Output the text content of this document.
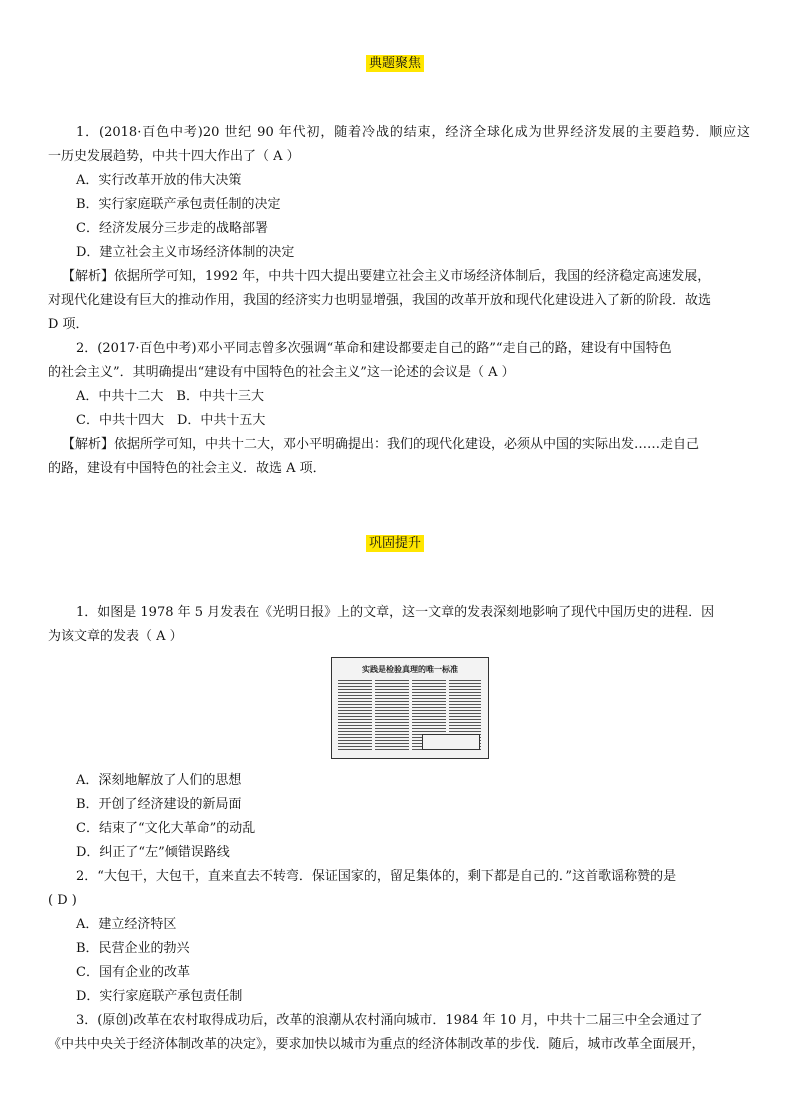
典题聚焦
1．(2018·百色中考)20 世纪 90 年代初，随着冷战的结束，经济全球化成为世界经济发展的主要趋势．顺应这
一历史发展趋势，中共十四大作出了（ A ）
A．实行改革开放的伟大决策
B．实行家庭联产承包责任制的决定
C．经济发展分三步走的战略部署
D．建立社会主义市场经济体制的决定
【解析】依据所学可知，1992 年，中共十四大提出要建立社会主义市场经济体制后，我国的经济稳定高速发展，
对现代化建设有巨大的推动作用，我国的经济实力也明显增强，我国的改革开放和现代化建设进入了新的阶段．故选
D 项．
2．(2017·百色中考)邓小平同志曾多次强调“革命和建设都要走自己的路”“走自己的路，建设有中国特色
的社会主义”．其明确提出“建设有中国特色的社会主义”这一论述的会议是（ A ）
A．中共十二大　B．中共十三大
C．中共十四大　D．中共十五大
【解析】依据所学可知，中共十二大，邓小平明确提出：我们的现代化建设，必须从中国的实际出发……走自己
的路，建设有中国特色的社会主义．故选 A 项．
巩固提升
1．如图是 1978 年 5 月发表在《光明日报》上的文章，这一文章的发表深刻地影响了现代中国历史的进程．因
为该文章的发表（ A ）
实践是检验真理的唯一标准
A．深刻地解放了人们的思想
B．开创了经济建设的新局面
C．结束了“文化大革命”的动乱
D．纠正了“左”倾错误路线
2．“大包干，大包干，直来直去不转弯．保证国家的，留足集体的，剩下都是自己的．”这首歌谣称赞的是
( D )
A．建立经济特区
B．民营企业的勃兴
C．国有企业的改革
D．实行家庭联产承包责任制
3．(原创)改革在农村取得成功后，改革的浪潮从农村涌向城市．1984 年 10 月，中共十二届三中全会通过了
《中共中央关于经济体制改革的决定》，要求加快以城市为重点的经济体制改革的步伐．随后，城市改革全面展开，
